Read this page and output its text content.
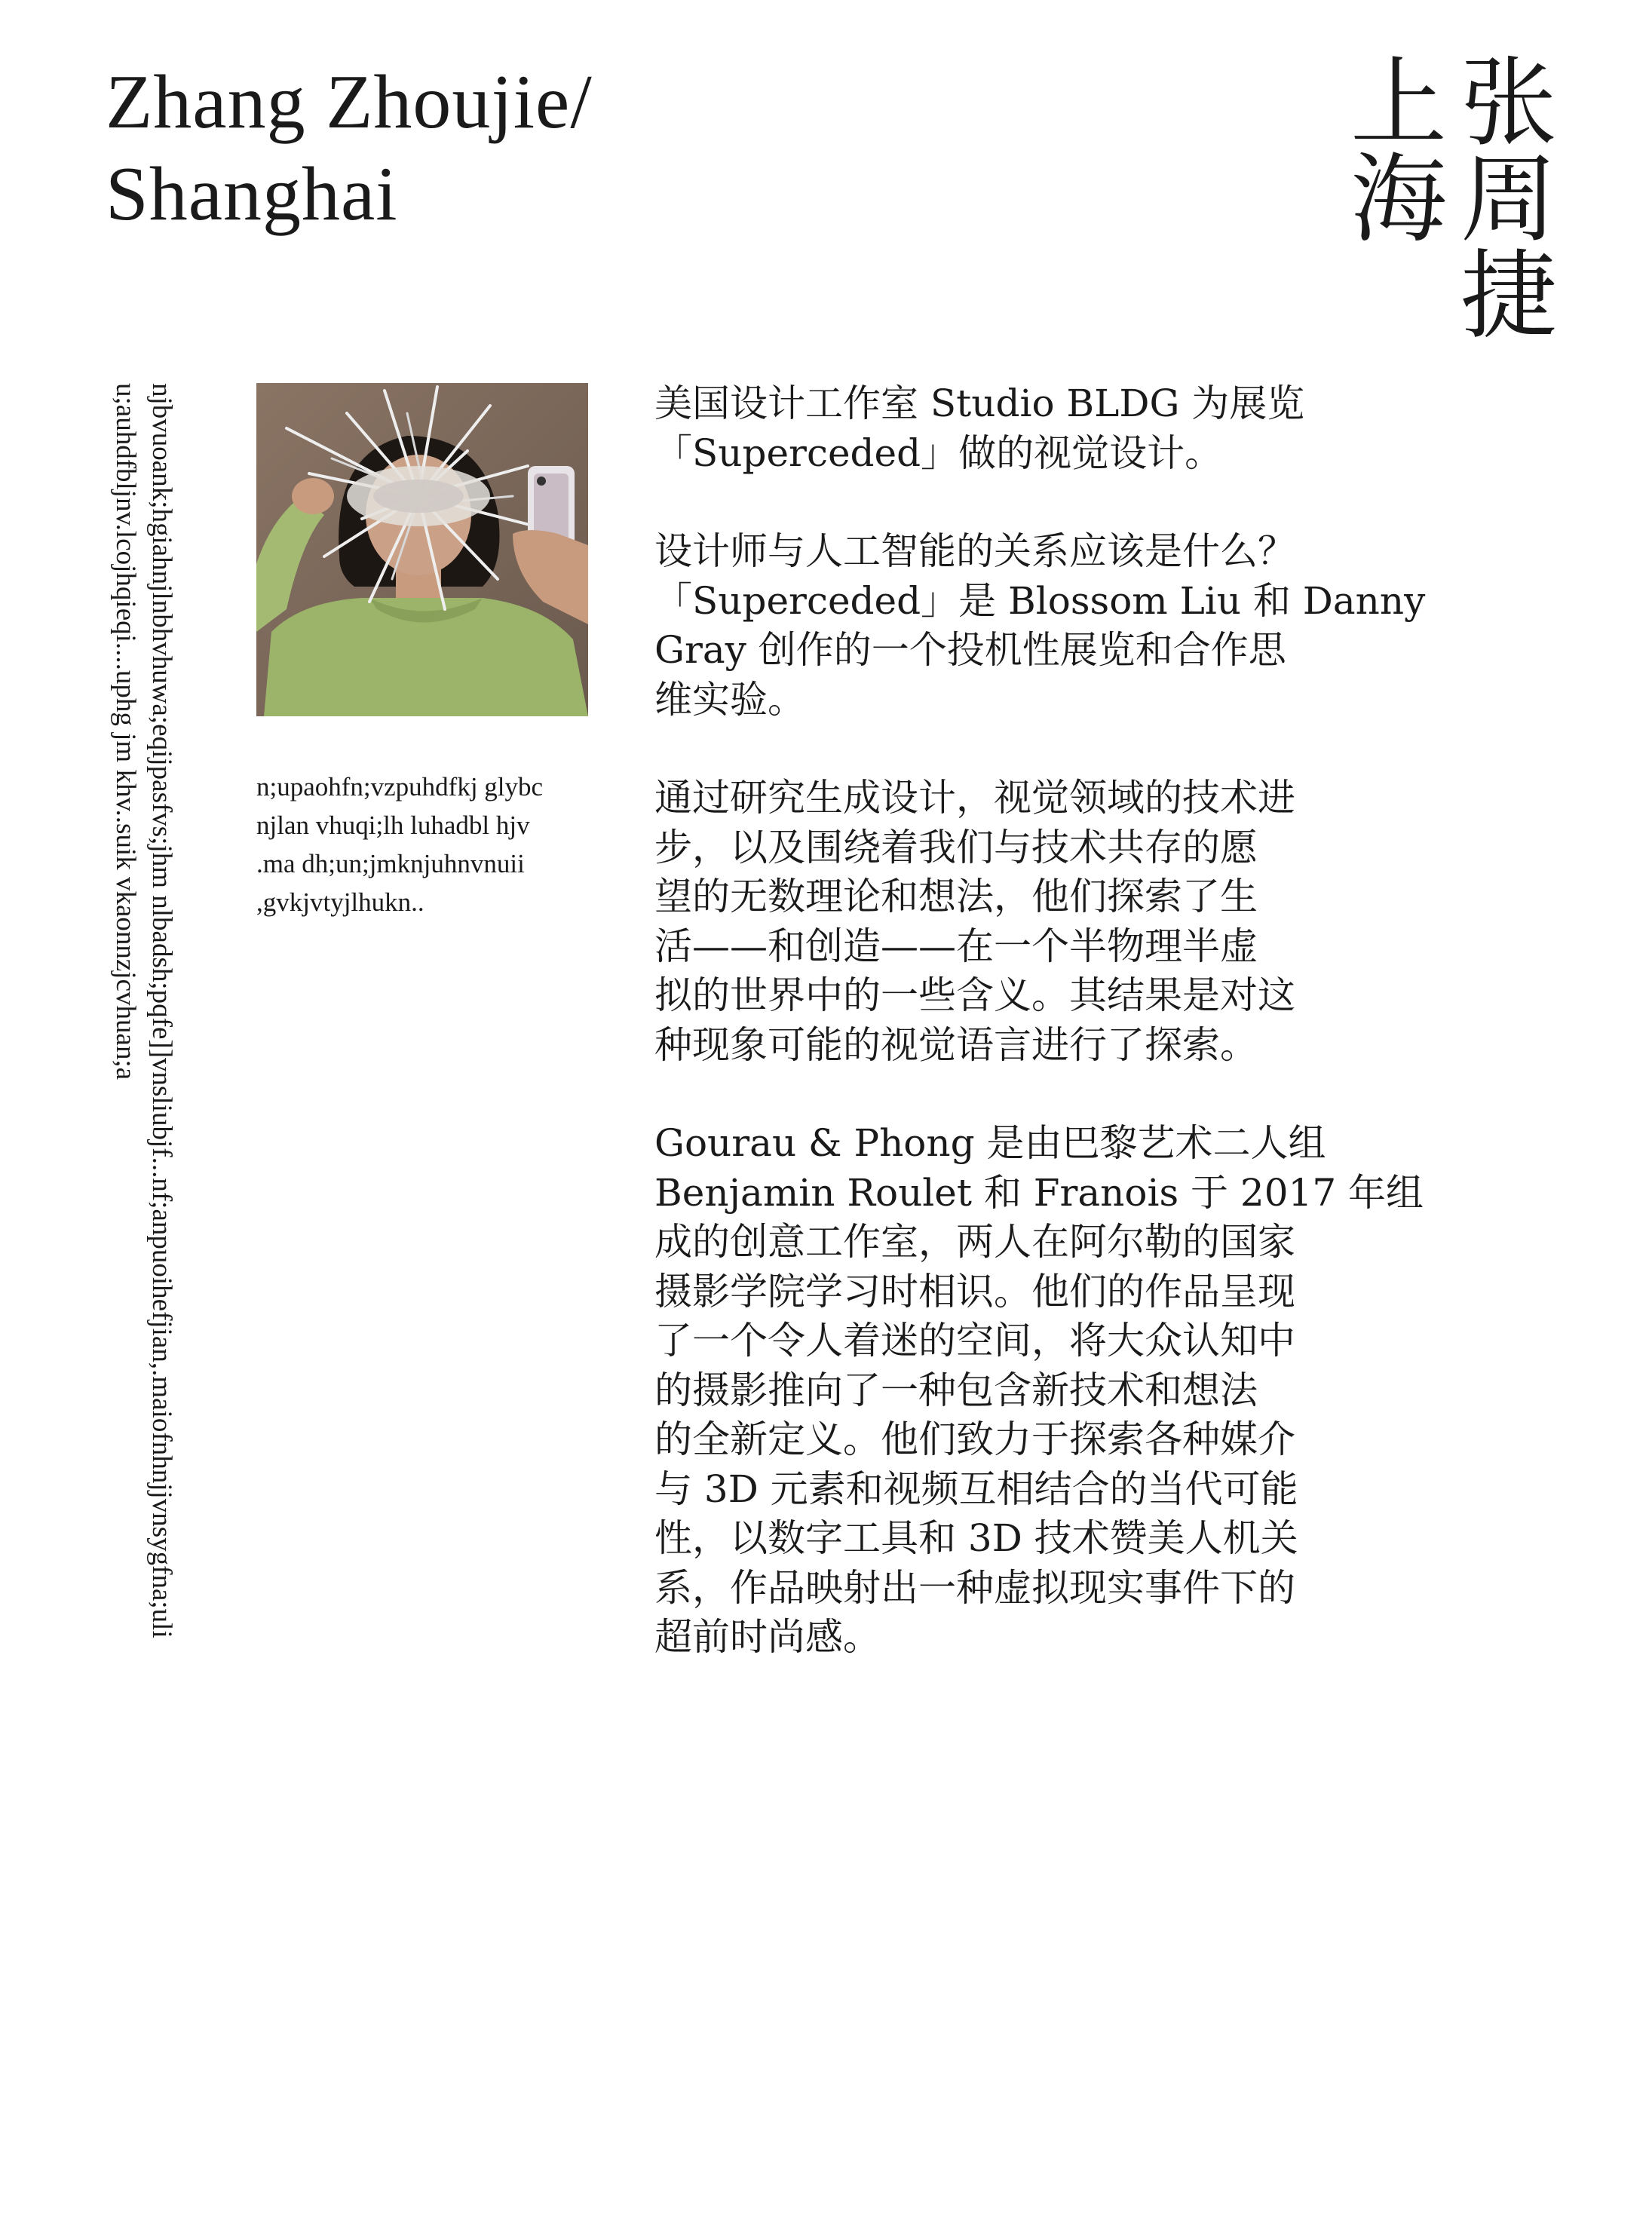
Zhang Zhoujie/
Shanghai	张周捷
上海
njbvuoank;hgiahnjlnbhvhuwa;eqijpasfvs;jhm nlbadsh;pqfe]]vnsliubjf...nf;anpuoihefjian,.maiofnhnjjvnsygfna;uli
u;auhdfbljnv.lcojhqieqi....uphg jm khv..suik vkaonnzjcvhuan;a	n;upaohfn;vzpuhdfkj glybc
njlan vhuqi;lh luhadbl hjv
.ma dh;un;jmknjuhnvnuii
,gvkjvtyjlhukn..

美国设计工作室 Studio BLDG 为展览
「Superceded」做的视觉设计。

设计师与人工智能的关系应该是什么？
「Superceded」是 Blossom Liu 和 Danny
Gray 创作的一个投机性展览和合作思
维实验。

通过研究生成设计，视觉领域的技术进
步，以及围绕着我们与技术共存的愿
望的无数理论和想法，他们探索了生
活——和创造——在一个半物理半虚
拟的世界中的一些含义。其结果是对这
种现象可能的视觉语言进行了探索。

Gourau & Phong 是由巴黎艺术二人组
Benjamin Roulet 和 Franois 于 2017 年组
成的创意工作室，两人在阿尔勒的国家
摄影学院学习时相识。他们的作品呈现
了一个令人着迷的空间，将大众认知中
的摄影推向了一种包含新技术和想法
的全新定义。他们致力于探索各种媒介
与 3D 元素和视频互相结合的当代可能
性，以数字工具和 3D 技术赞美人机关
系，作品映射出一种虚拟现实事件下的
超前时尚感。
